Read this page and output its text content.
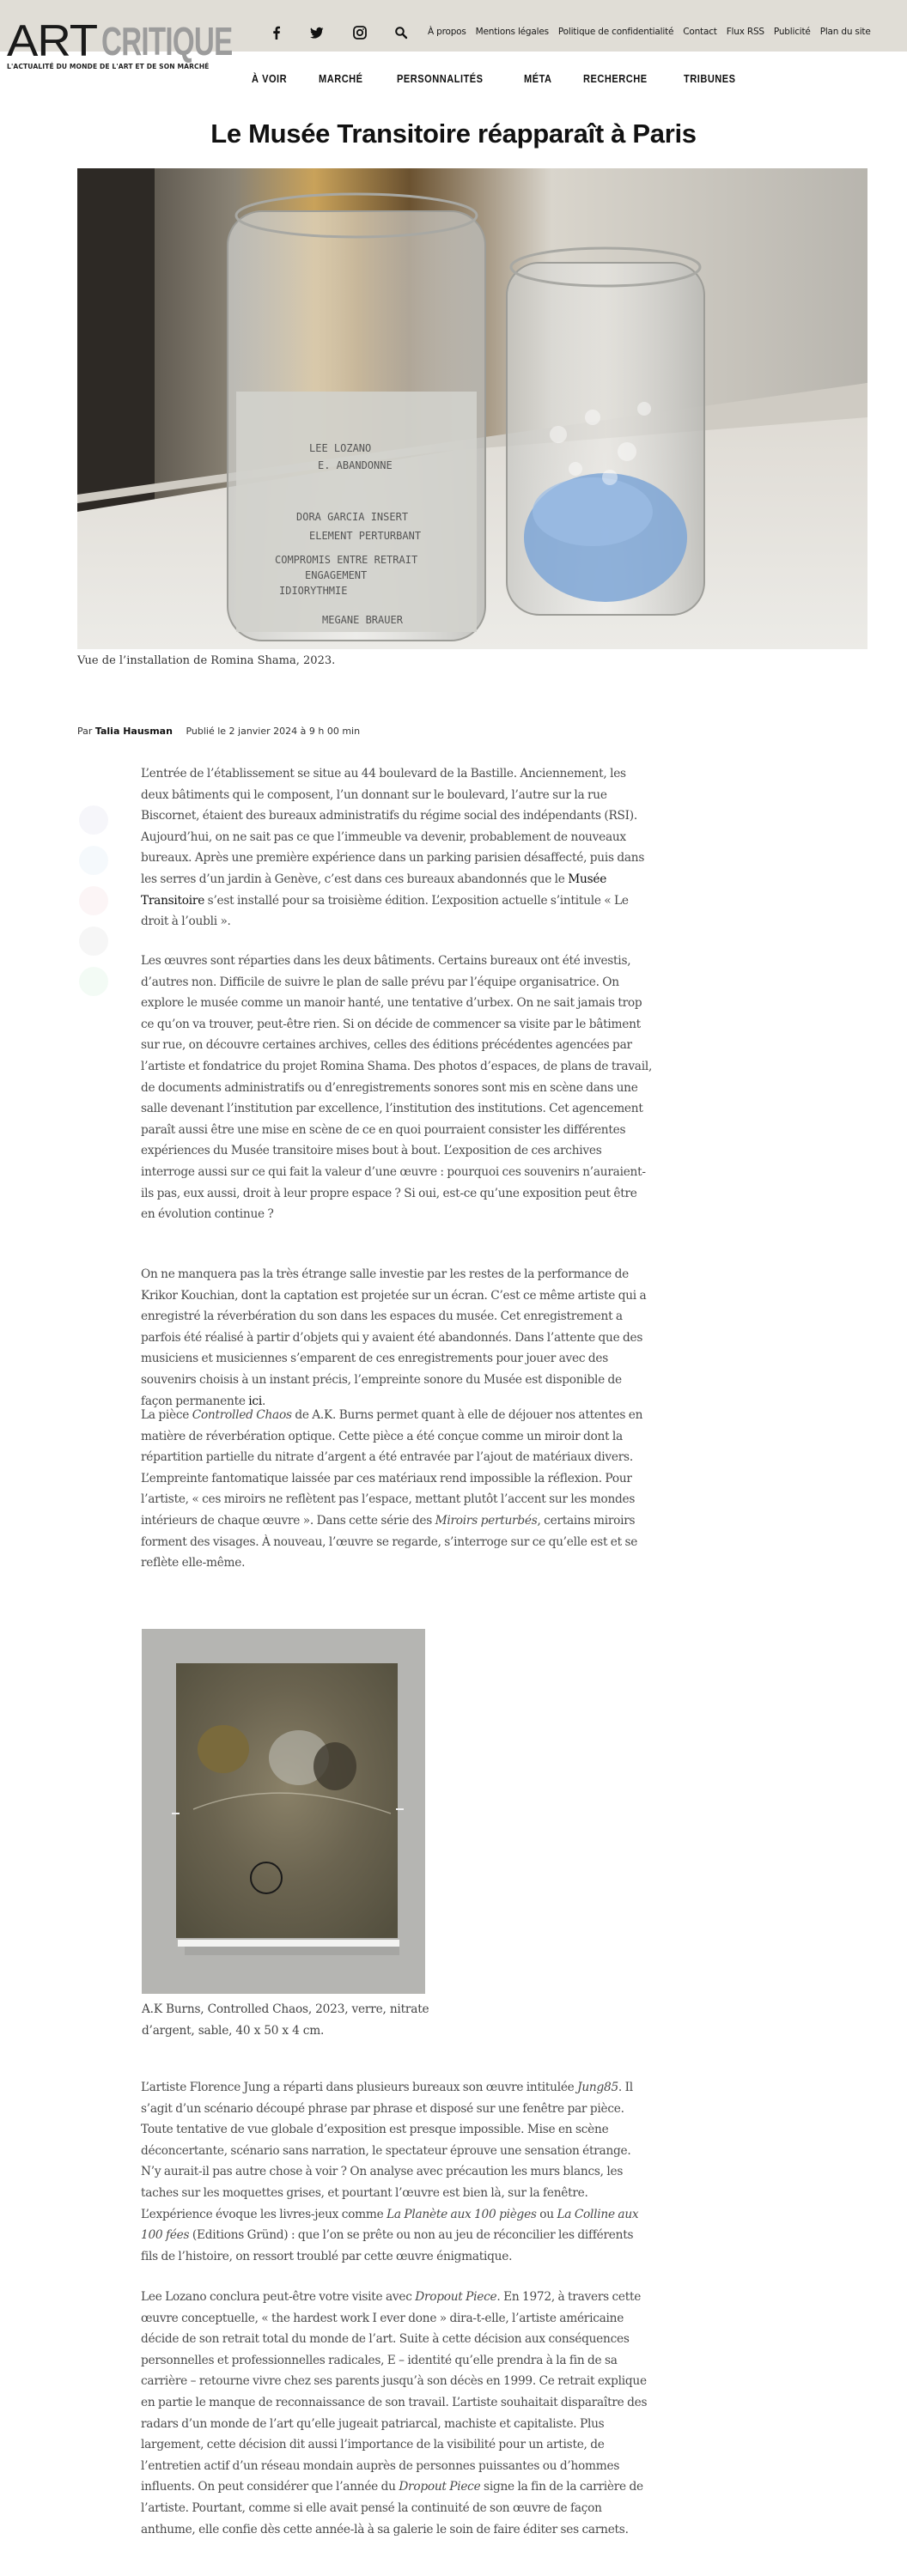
ART CRITIQUE
L'ACTUALITÉ DU MONDE DE L'ART ET DE SON MARCHÉ
À propos Mentions légales Politique de confidentialité Contact Flux RSS Publicité Plan du site
À VOIR	MARCHÉ	PERSONNALITÉS	MÉTA	RECHERCHE	TRIBUNES
Le Musée Transitoire réapparaît à Paris
LEE LOZANO
E. ABANDONNE
DORA GARCIA INSERT
ELEMENT PERTURBANT
COMPROMIS ENTRE RETRAIT
ENGAGEMENT
IDIORYTHMIE
MEGANE BRAUER
Vue de l’installation de Romina Shama, 2023.
Par Talia Hausman Publié le 2 janvier 2024 à 9 h 00 min

L’entrée de l’établissement se situe au 44 boulevard de la Bastille. Anciennement, les deux bâtiments qui le composent, l’un donnant sur le boulevard, l’autre sur la rue Biscornet, étaient des bureaux administratifs du régime social des indépendants (RSI). Aujourd’hui, on ne sait pas ce que l’immeuble va devenir, probablement de nouveaux bureaux. Après une première expérience dans un parking parisien désaffecté, puis dans les serres d’un jardin à Genève, c’est dans ces bureaux abandonnés que le Musée Transitoire s’est installé pour sa troisième édition. L’exposition actuelle s’intitule « Le droit à l’oubli ».

Les œuvres sont réparties dans les deux bâtiments. Certains bureaux ont été investis, d’autres non. Difficile de suivre le plan de salle prévu par l’équipe organisatrice. On explore le musée comme un manoir hanté, une tentative d’urbex. On ne sait jamais trop ce qu’on va trouver, peut-être rien. Si on décide de commencer sa visite par le bâtiment sur rue, on découvre certaines archives, celles des éditions précédentes agencées par l’artiste et fondatrice du projet Romina Shama. Des photos d’espaces, de plans de travail, de documents administratifs ou d’enregistrements sonores sont mis en scène dans une salle devenant l’institution par excellence, l’institution des institutions. Cet agencement paraît aussi être une mise en scène de ce en quoi pourraient consister les différentes expériences du Musée transitoire mises bout à bout. L’exposition de ces archives interroge aussi sur ce qui fait la valeur d’une œuvre : pourquoi ces souvenirs n’auraient-ils pas, eux aussi, droit à leur propre espace ? Si oui, est-ce qu’une exposition peut être en évolution continue ?

On ne manquera pas la très étrange salle investie par les restes de la performance de Krikor Kouchian, dont la captation est projetée sur un écran. C’est ce même artiste qui a enregistré la réverbération du son dans les espaces du musée. Cet enregistrement a parfois été réalisé à partir d’objets qui y avaient été abandonnés. Dans l’attente que des musiciens et musiciennes s’emparent de ces enregistrements pour jouer avec des souvenirs choisis à un instant précis, l’empreinte sonore du Musée est disponible de façon permanente ici.

La pièce Controlled Chaos de A.K. Burns permet quant à elle de déjouer nos attentes en matière de réverbération optique. Cette pièce a été conçue comme un miroir dont la répartition partielle du nitrate d’argent a été entravée par l’ajout de matériaux divers. L’empreinte fantomatique laissée par ces matériaux rend impossible la réflexion. Pour l’artiste, « ces miroirs ne reflètent pas l’espace, mettant plutôt l’accent sur les mondes intérieurs de chaque œuvre ». Dans cette série des Miroirs perturbés, certains miroirs forment des visages. À nouveau, l’œuvre se regarde, s’interroge sur ce qu’elle est et se reflète elle-même.

A.K Burns, Controlled Chaos, 2023, verre, nitrate d’argent, sable, 40 x 50 x 4 cm.

L’artiste Florence Jung a réparti dans plusieurs bureaux son œuvre intitulée Jung85. Il s’agit d’un scénario découpé phrase par phrase et disposé sur une fenêtre par pièce. Toute tentative de vue globale d’exposition est presque impossible. Mise en scène déconcertante, scénario sans narration, le spectateur éprouve une sensation étrange. N’y aurait-il pas autre chose à voir ? On analyse avec précaution les murs blancs, les taches sur les moquettes grises, et pourtant l’œuvre est bien là, sur la fenêtre. L’expérience évoque les livres-jeux comme La Planète aux 100 pièges ou La Colline aux 100 fées (Editions Gründ) : que l’on se prête ou non au jeu de réconcilier les différents fils de l’histoire, on ressort troublé par cette œuvre énigmatique.

Lee Lozano conclura peut-être votre visite avec Dropout Piece. En 1972, à travers cette œuvre conceptuelle, « the hardest work I ever done » dira-t-elle, l’artiste américaine décide de son retrait total du monde de l’art. Suite à cette décision aux conséquences personnelles et professionnelles radicales, E – identité qu’elle prendra à la fin de sa carrière – retourne vivre chez ses parents jusqu’à son décès en 1999. Ce retrait explique en partie le manque de reconnaissance de son travail. L’artiste souhaitait disparaître des radars d’un monde de l’art qu’elle jugeait patriarcal, machiste et capitaliste. Plus largement, cette décision dit aussi l’importance de la visibilité pour un artiste, de l’entretien actif d’un réseau mondain auprès de personnes puissantes ou d’hommes influents. On peut considérer que l’année du Dropout Piece signe la fin de la carrière de l’artiste. Pourtant, comme si elle avait pensé la continuité de son œuvre de façon anthume, elle confie dès cette année-là à sa galerie le soin de faire éditer ses carnets.
